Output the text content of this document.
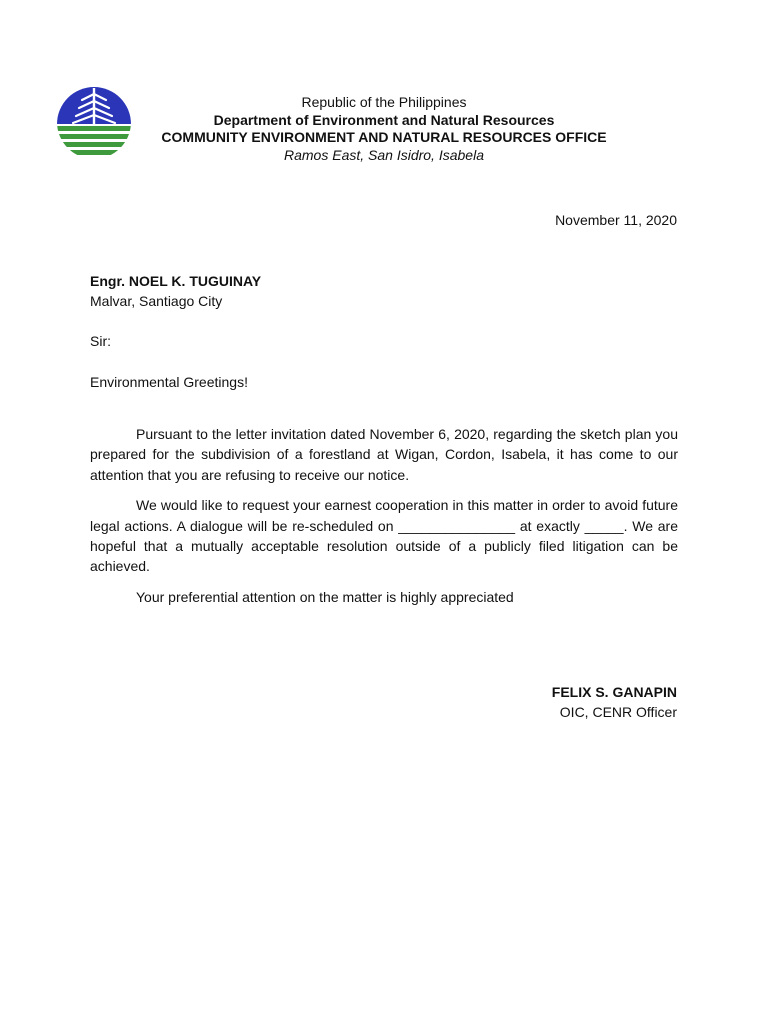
Republic of the Philippines
Department of Environment and Natural Resources
COMMUNITY ENVIRONMENT AND NATURAL RESOURCES OFFICE
Ramos East, San Isidro, Isabela
November 11, 2020
Engr. NOEL K. TUGUINAY
Malvar, Santiago City
Sir:
Environmental Greetings!

Pursuant to the letter invitation dated November 6, 2020, regarding the sketch plan you prepared for the subdivision of a forestland at Wigan, Cordon, Isabela, it has come to our attention that you are refusing to receive our notice.

We would like to request your earnest cooperation in this matter in order to avoid future legal actions. A dialogue will be re-scheduled on _______________ at exactly _____. We are hopeful that a mutually acceptable resolution outside of a publicly filed litigation can be achieved.

Your preferential attention on the matter is highly appreciated

FELIX S. GANAPIN
OIC, CENR Officer
